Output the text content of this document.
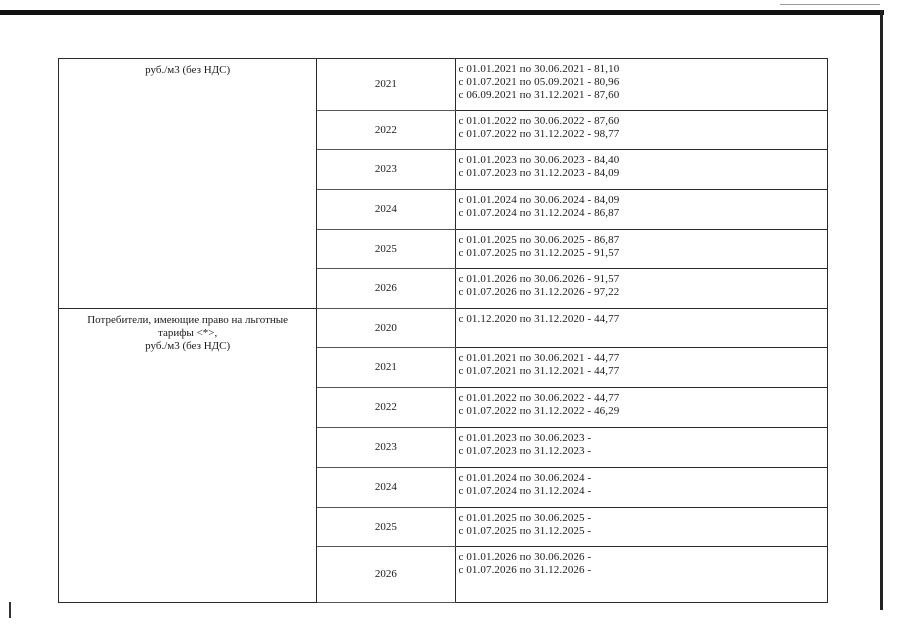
руб./м3 (без НДС)	2021	с 01.01.2021 по 30.06.2021 - 81,10
с 01.07.2021 по 05.09.2021 - 80,96
с 06.09.2021 по 31.12.2021 - 87,60

	2022	с 01.01.2022 по 30.06.2022 - 87,60
с 01.07.2022 по 31.12.2022 - 98,77

	2023	с 01.01.2023 по 30.06.2023 - 84,40
с 01.07.2023 по 31.12.2023 - 84,09

	2024	с 01.01.2024 по 30.06.2024 - 84,09
с 01.07.2024 по 31.12.2024 - 86,87

	2025	с 01.01.2025 по 30.06.2025 - 86,87
с 01.07.2025 по 31.12.2025 - 91,57

	2026	с 01.01.2026 по 30.06.2026 - 91,57
с 01.07.2026 по 31.12.2026 - 97,22

Потребители, имеющие право на льготные
тарифы <*>,
руб./м3 (без НДС)	2020	с 01.12.2020 по 31.12.2020 - 44,77

	2021	с 01.01.2021 по 30.06.2021 - 44,77
с 01.07.2021 по 31.12.2021 - 44,77

	2022	с 01.01.2022 по 30.06.2022 - 44,77
с 01.07.2022 по 31.12.2022 - 46,29

	2023	с 01.01.2023 по 30.06.2023 -
с 01.07.2023 по 31.12.2023 -

	2024	с 01.01.2024 по 30.06.2024 -
с 01.07.2024 по 31.12.2024 -

	2025	с 01.01.2025 по 30.06.2025 -
с 01.07.2025 по 31.12.2025 -

	2026	с 01.01.2026 по 30.06.2026 -
с 01.07.2026 по 31.12.2026 -
